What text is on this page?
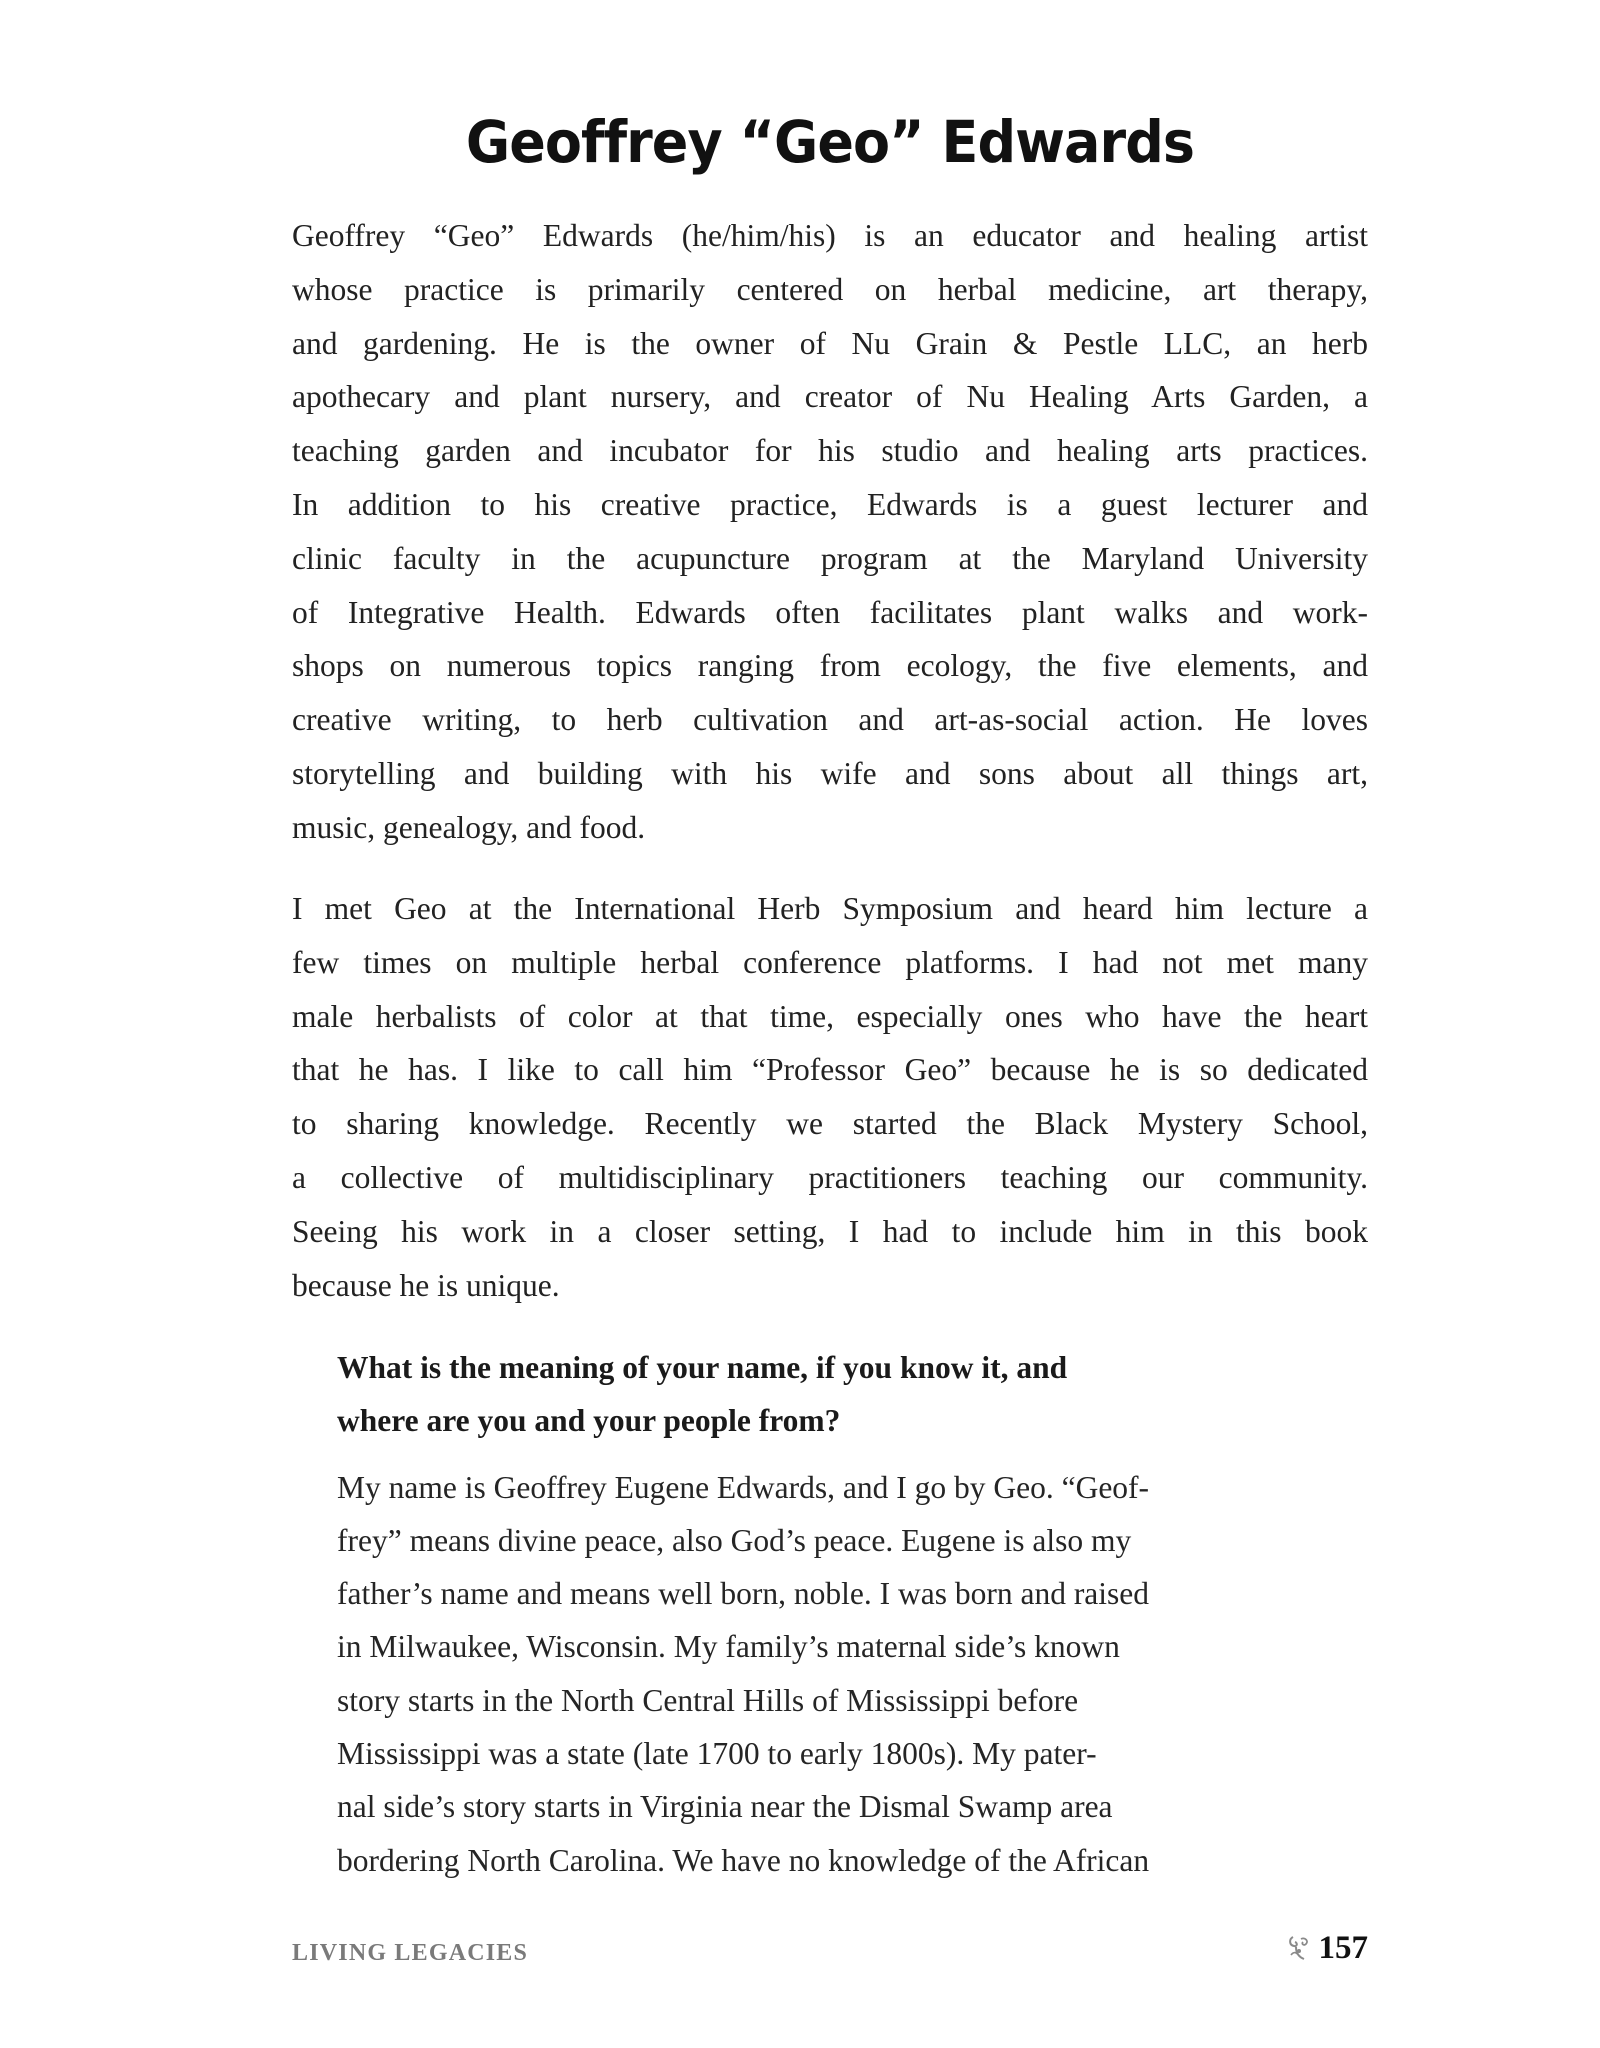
Geoffrey “Geo” Edwards
Geoffrey “Geo” Edwards (he/him/his) is an educator and healing artist
whose practice is primarily centered on herbal medicine, art therapy,
and gardening. He is the owner of Nu Grain & Pestle LLC, an herb
apothecary and plant nursery, and creator of Nu Healing Arts Garden, a
teaching garden and incubator for his studio and healing arts practices.
In addition to his creative practice, Edwards is a guest lecturer and
clinic faculty in the acupuncture program at the Maryland University
of Integrative Health. Edwards often facilitates plant walks and work-
shops on numerous topics ranging from ecology, the five elements, and
creative writing, to herb cultivation and art-as-social action. He loves
storytelling and building with his wife and sons about all things art,
music, genealogy, and food.
I met Geo at the International Herb Symposium and heard him lecture a
few times on multiple herbal conference platforms. I had not met many
male herbalists of color at that time, especially ones who have the heart
that he has. I like to call him “Professor Geo” because he is so dedicated
to sharing knowledge. Recently we started the Black Mystery School,
a collective of multidisciplinary practitioners teaching our community.
Seeing his work in a closer setting, I had to include him in this book
because he is unique.
What is the meaning of your name, if you know it, and
where are you and your people from?
My name is Geoffrey Eugene Edwards, and I go by Geo. “Geof-
frey” means divine peace, also God’s peace. Eugene is also my
father’s name and means well born, noble. I was born and raised
in Milwaukee, Wisconsin. My family’s maternal side’s known
story starts in the North Central Hills of Mississippi before
Mississippi was a state (late 1700 to early 1800s). My pater-
nal side’s story starts in Virginia near the Dismal Swamp area
bordering North Carolina. We have no knowledge of the African
LIVING LEGACIES	157
